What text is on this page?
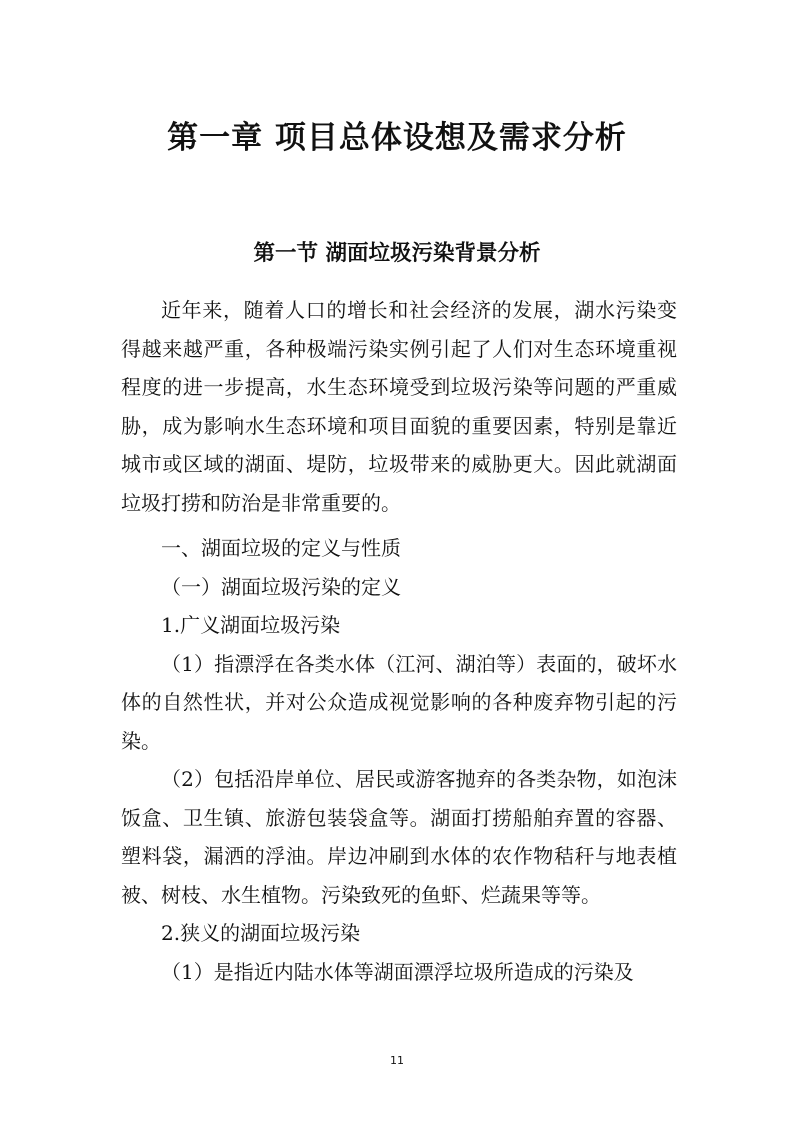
第一章 项目总体设想及需求分析
第一节 湖面垃圾污染背景分析

近年来，随着人口的增长和社会经济的发展，湖水污染变得越来越严重，各种极端污染实例引起了人们对生态环境重视程度的进一步提高，水生态环境受到垃圾污染等问题的严重威胁，成为影响水生态环境和项目面貌的重要因素，特别是靠近城市或区域的湖面、堤防，垃圾带来的威胁更大。因此就湖面垃圾打捞和防治是非常重要的。

一、湖面垃圾的定义与性质

（一）湖面垃圾污染的定义

1.广义湖面垃圾污染

（1）指漂浮在各类水体（江河、湖泊等）表面的，破坏水体的自然性状，并对公众造成视觉影响的各种废弃物引起的污染。

（2）包括沿岸单位、居民或游客抛弃的各类杂物，如泡沫饭盒、卫生镇、旅游包装袋盒等。湖面打捞船舶弃置的容器、塑料袋，漏洒的浮油。岸边冲刷到水体的农作物秸秆与地表植被、树枝、水生植物。污染致死的鱼虾、烂蔬果等等。

2.狭义的湖面垃圾污染

（1）是指近内陆水体等湖面漂浮垃圾所造成的污染及

11
